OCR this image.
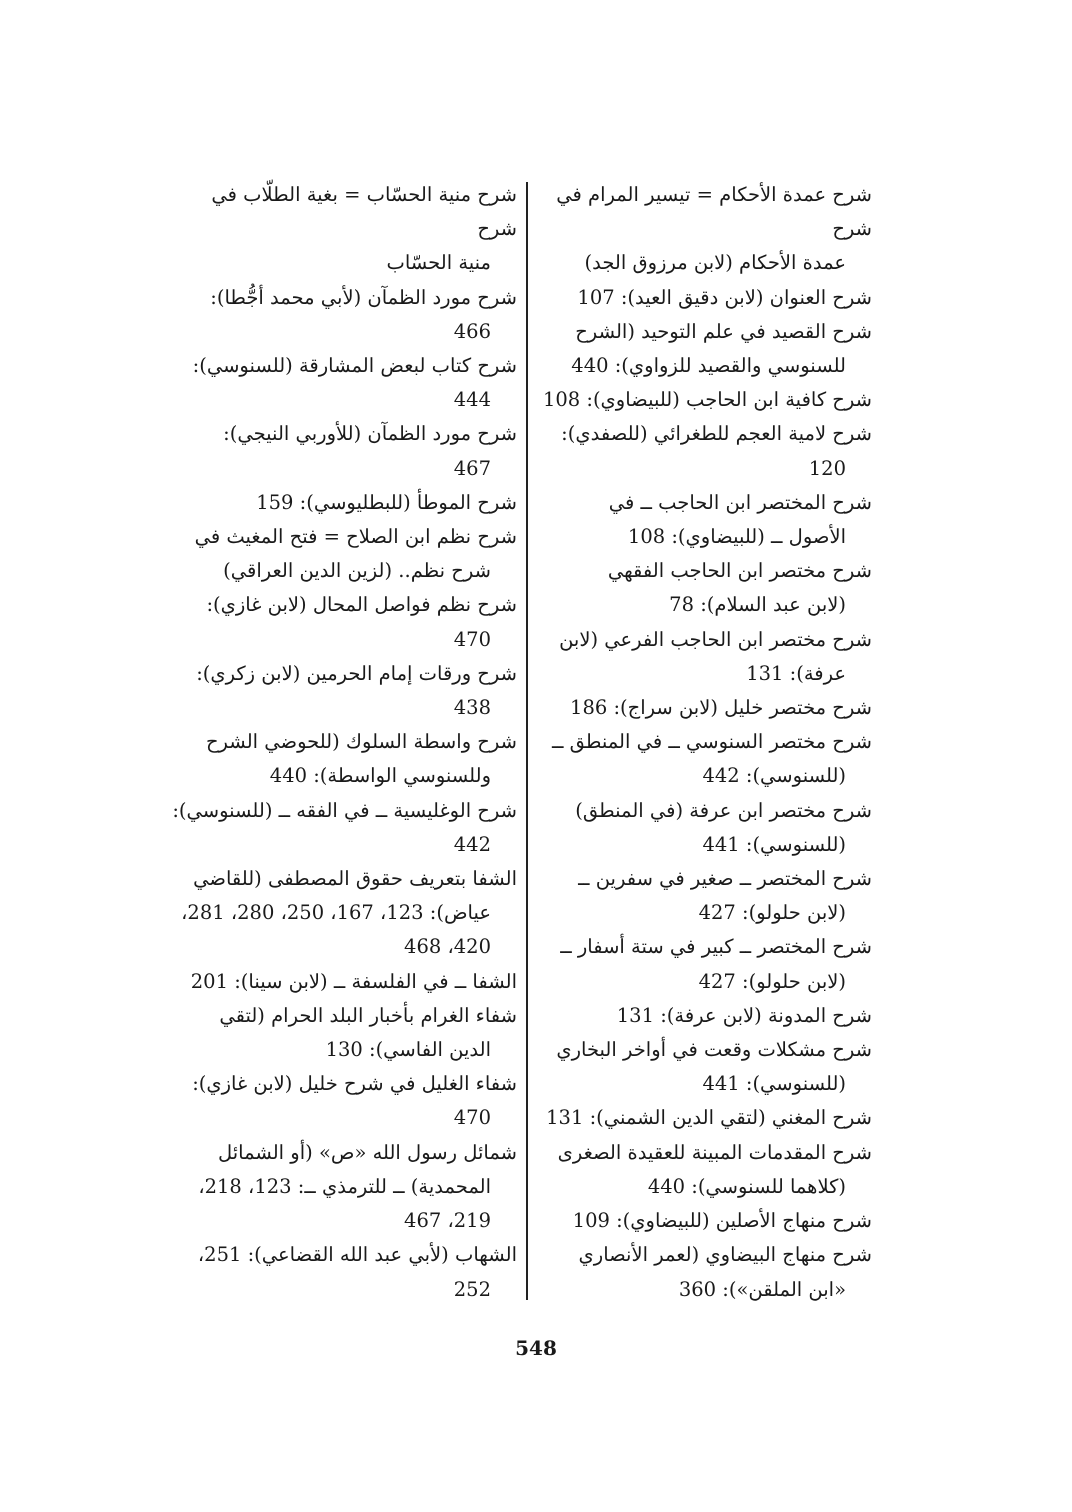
شرح عمدة الأحكام = تيسير المرام في شرح
عمدة الأحكام (لابن مرزوق الجد)

شرح العنوان (لابن دقيق العيد): 107

شرح القصيد في علم التوحيد (الشرح
للسنوسي والقصيد للزواوي): 440

شرح كافية ابن الحاجب (للبيضاوي): 108

شرح لامية العجم للطغرائي (للصفدي):
120

شرح المختصر ابن الحاجب ــ في
الأصول ــ (للبيضاوي): 108

شرح مختصر ابن الحاجب الفقهي
(لابن عبد السلام): 78

شرح مختصر ابن الحاجب الفرعي (لابن
عرفة): 131

شرح مختصر خليل (لابن سراج): 186

شرح مختصر السنوسي ــ في المنطق ــ
(للسنوسي): 442

شرح مختصر ابن عرفة (في المنطق)
(للسنوسي): 441

شرح المختصر ــ صغير في سفرين ــ
(لابن حلولو): 427

شرح المختصر ــ كبير في ستة أسفار ــ
(لابن حلولو): 427

شرح المدونة (لابن عرفة): 131

شرح مشكلات وقعت في أواخر البخاري
(للسنوسي): 441

شرح المغني (لتقي الدين الشمني): 131

شرح المقدمات المبينة للعقيدة الصغرى
(كلاهما للسنوسي): 440

شرح منهاج الأصلين (للبيضاوي): 109

شرح منهاج البيضاوي (لعمر الأنصاري
«ابن الملقن»): 360

شرح منية الحسّاب = بغية الطلّاب في شرح
منية الحسّاب

شرح مورد الظمآن (لأبي محمد أجُّطا):
466

شرح كتاب لبعض المشارقة (للسنوسي):
444

شرح مورد الظمآن (للأوربي النيجي):
467

شرح الموطأ (للبطليوسي): 159

شرح نظم ابن الصلاح = فتح المغيث في
شرح نظم.. (لزين الدين العراقي)

شرح نظم فواصل المحال (لابن غازي):
470

شرح ورقات إمام الحرمين (لابن زكري):
438

شرح واسطة السلوك (للحوضي الشرح
وللسنوسي الواسطة): 440

شرح الوغليسية ــ في الفقه ــ (للسنوسي):
442

الشفا بتعريف حقوق المصطفى (للقاضي
عياض): 123، 167، 250، 280، 281، 420، 468

الشفا ــ في الفلسفة ــ (لابن سينا): 201

شفاء الغرام بأخبار البلد الحرام (لتقي
الدين الفاسي): 130

شفاء الغليل في شرح خليل (لابن غازي):
470

شمائل رسول الله «ص» (أو الشمائل
المحمدية) ــ للترمذي ــ: 123، 218، 219، 467

الشهاب (لأبي عبد الله القضاعي): 251،
252

548
